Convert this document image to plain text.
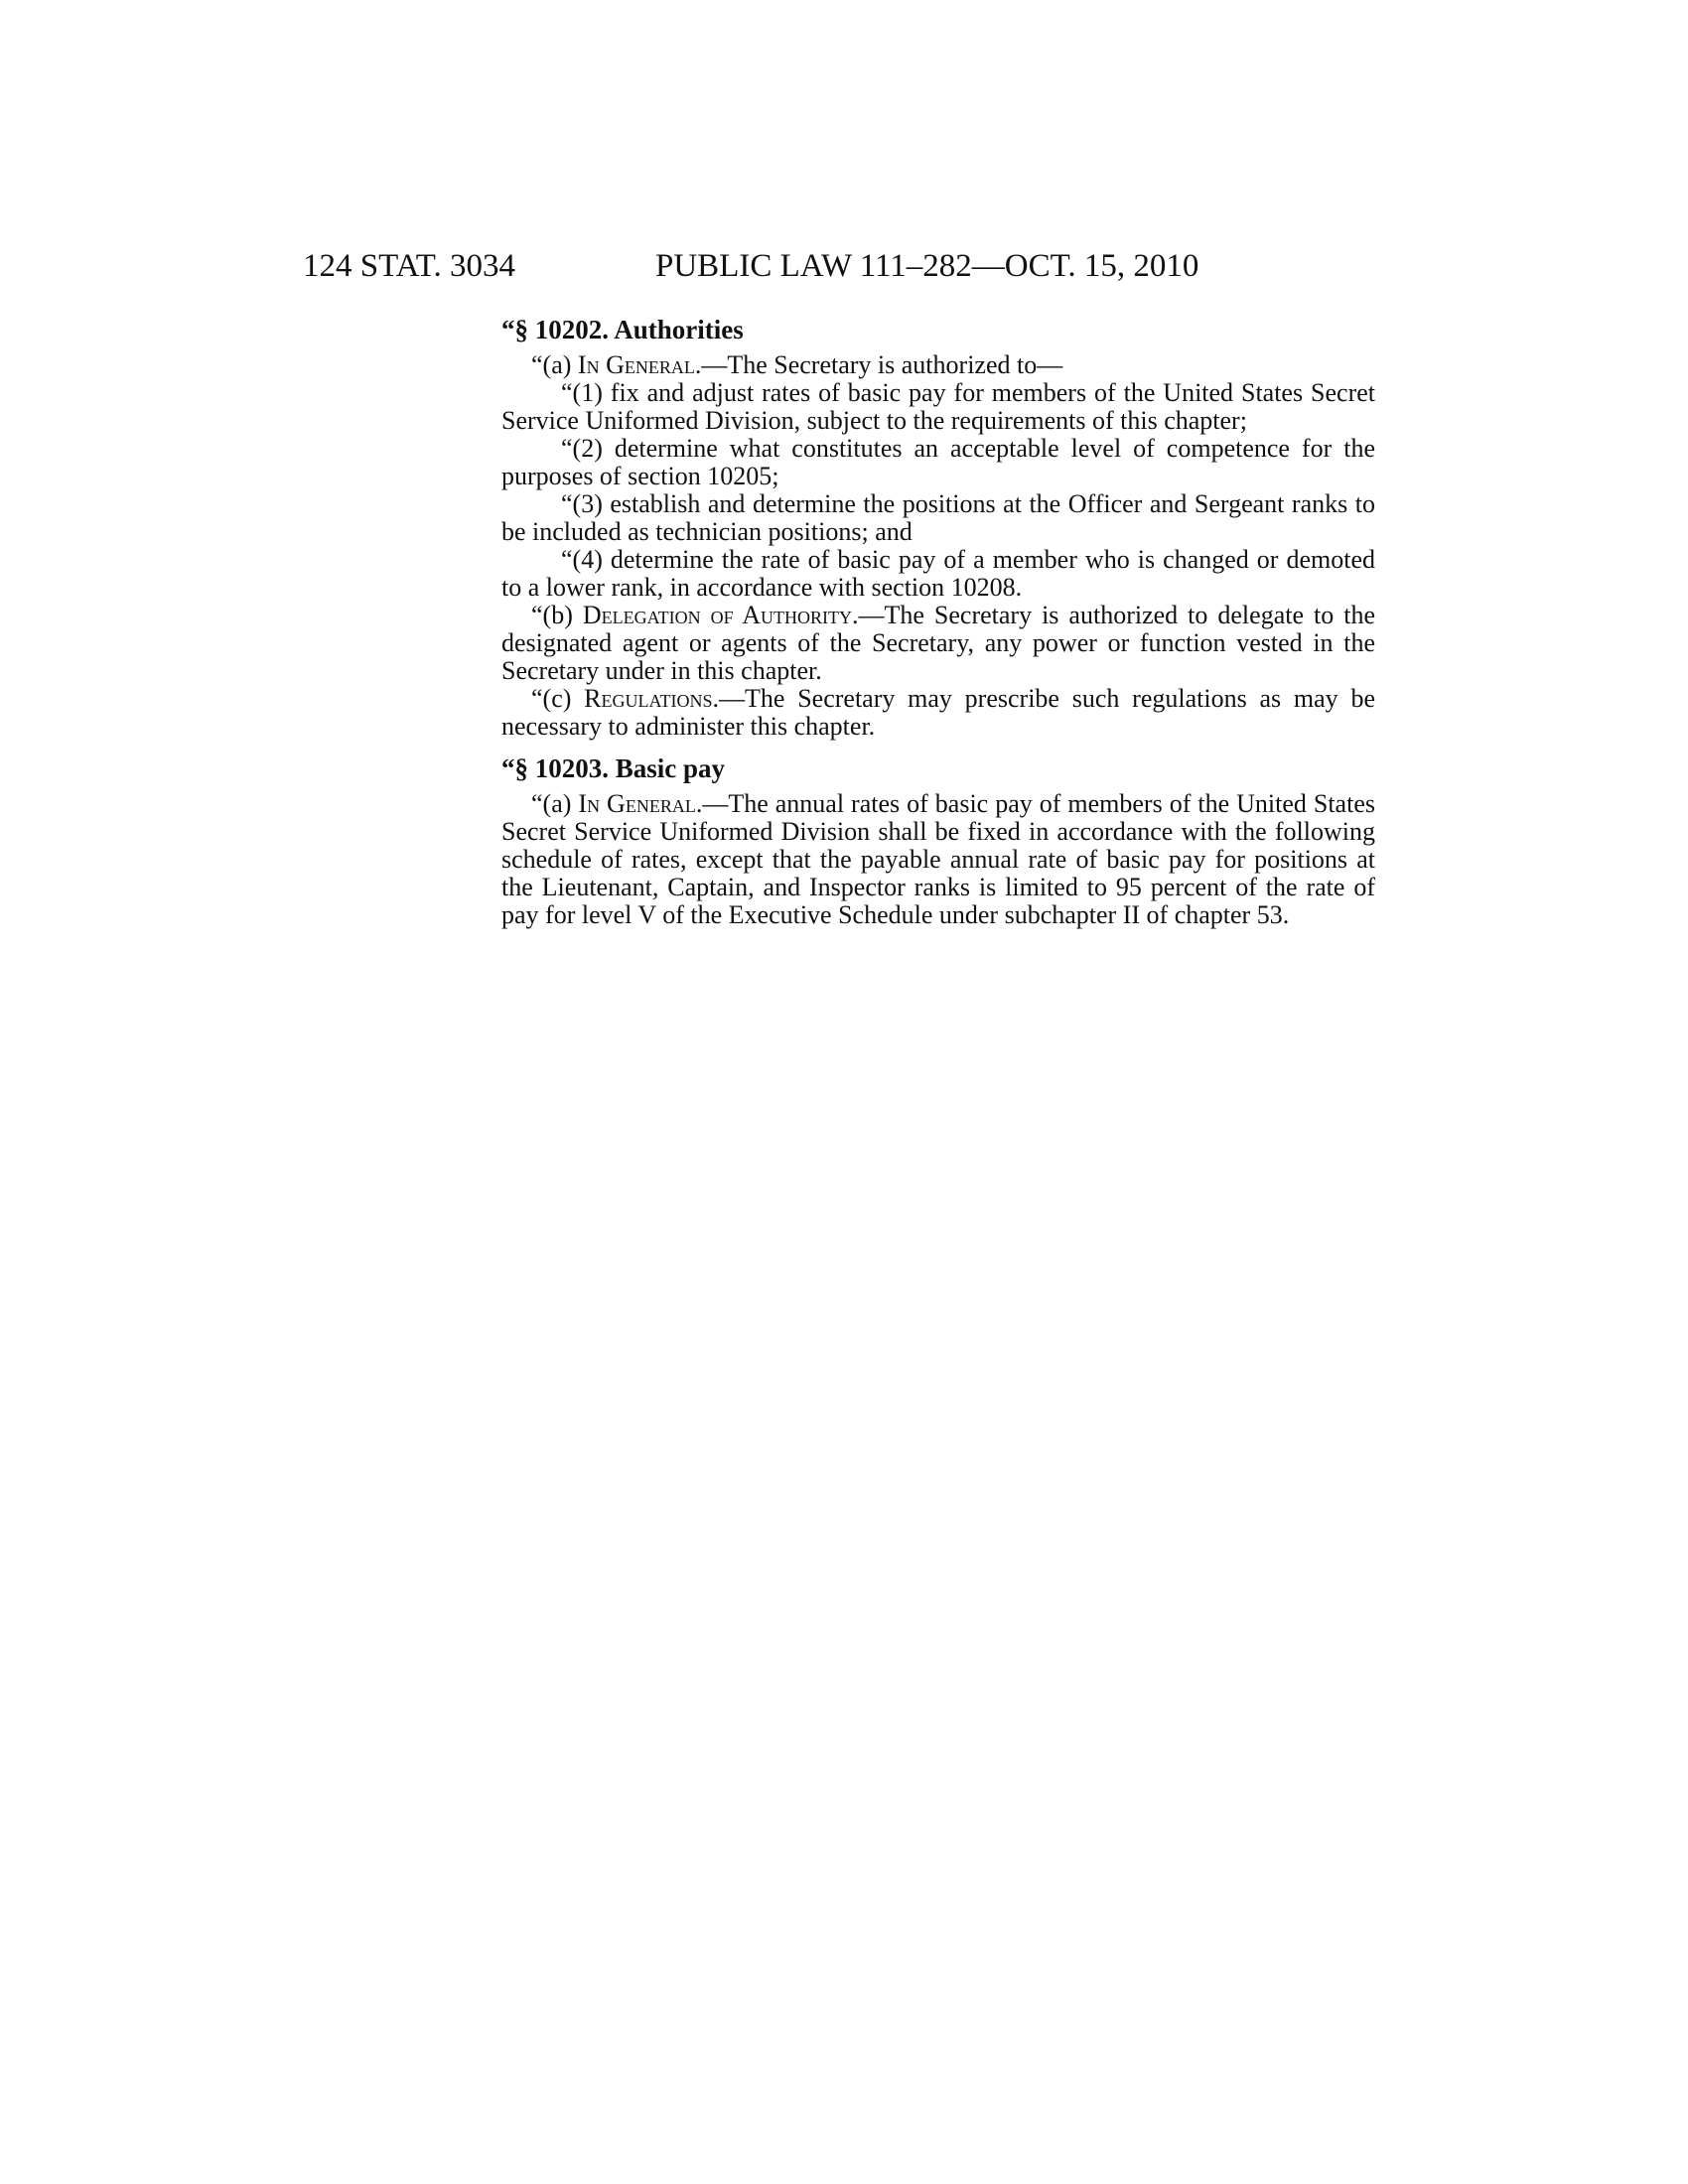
124 STAT. 3034	PUBLIC LAW 111–282—OCT. 15, 2010
“§ 10202. Authorities

“(a) In General.—The Secretary is authorized to—

“(1) fix and adjust rates of basic pay for members of the United States Secret Service Uniformed Division, subject to the requirements of this chapter;

“(2) determine what constitutes an acceptable level of competence for the purposes of section 10205;

“(3) establish and determine the positions at the Officer and Sergeant ranks to be included as technician positions; and

“(4) determine the rate of basic pay of a member who is changed or demoted to a lower rank, in accordance with section 10208.

“(b) Delegation of Authority.—The Secretary is authorized to delegate to the designated agent or agents of the Secretary, any power or function vested in the Secretary under in this chapter.

“(c) Regulations.—The Secretary may prescribe such regulations as may be necessary to administer this chapter.

“§ 10203. Basic pay

“(a) In General.—The annual rates of basic pay of members of the United States Secret Service Uniformed Division shall be fixed in accordance with the following schedule of rates, except that the payable annual rate of basic pay for positions at the Lieutenant, Captain, and Inspector ranks is limited to 95 percent of the rate of pay for level V of the Executive Schedule under subchapter II of chapter 53.
